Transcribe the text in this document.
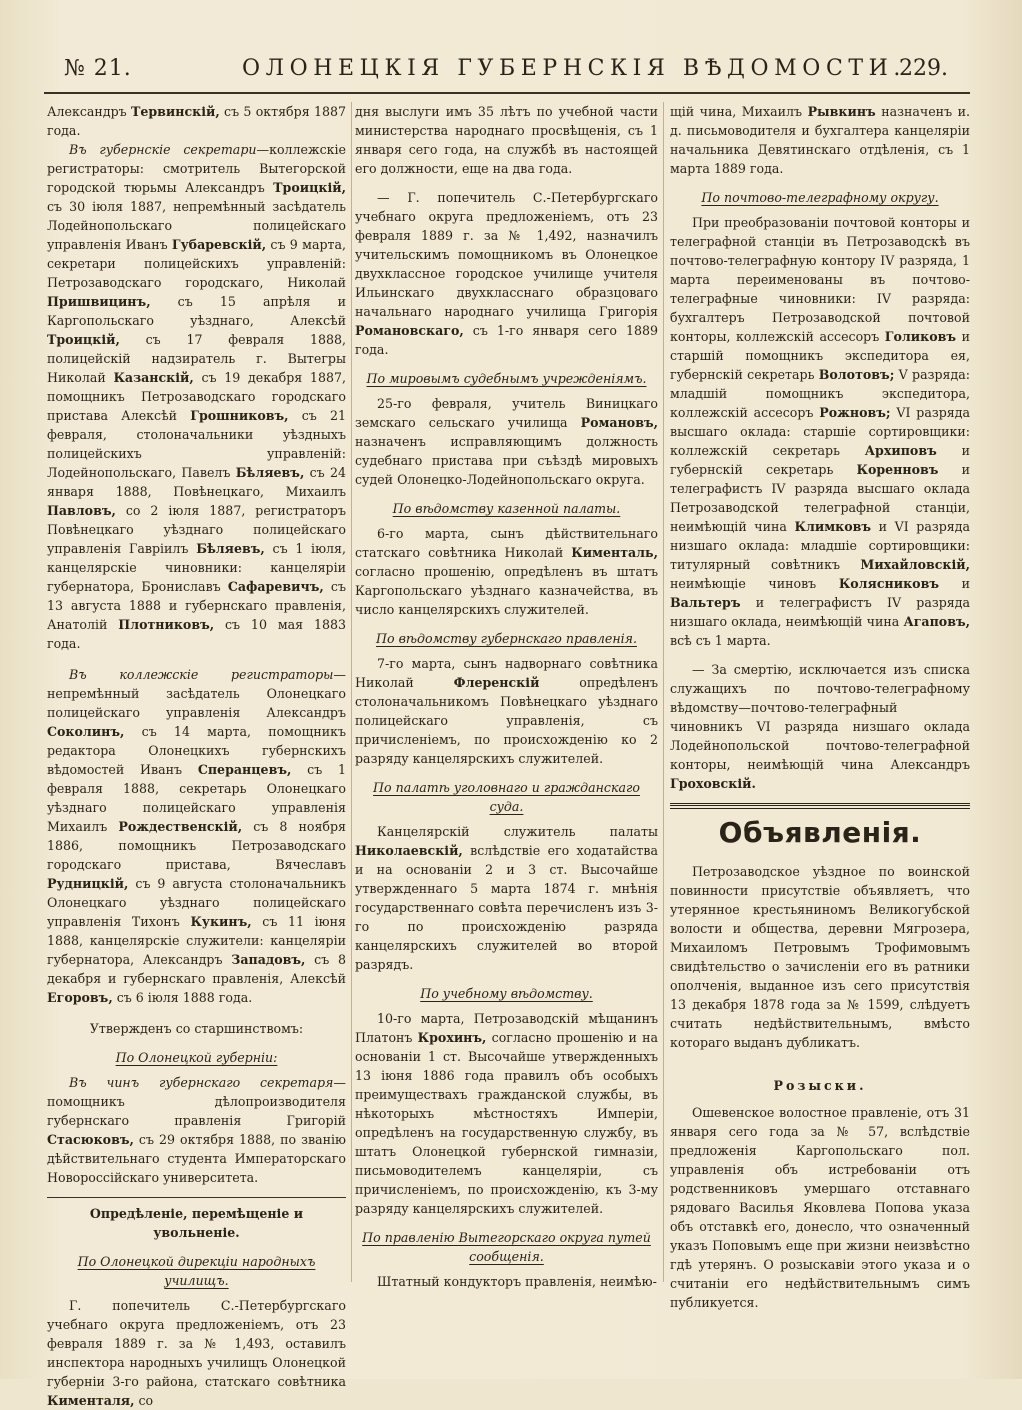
№ 21.	ОЛОНЕЦКІЯ ГУБЕРНСКІЯ ВѢДОМОСТИ.
229.

Александръ Тервинскій, съ 5 октября 1887 года.

Въ губернскіе секретари—коллежскіе регистраторы: смотритель Вытегорской городской тюрьмы Александръ Троицкій, съ 30 іюля 1887, непремѣнный засѣдатель Лодейнопольскаго полицейскаго управленія Иванъ Губаревскій, съ 9 марта, секретари полицейскихъ управленій: Петрозаводскаго городскаго, Николай Пришвицинъ, съ 15 апрѣля и Каргопольскаго уѣзднаго, Алексѣй Троицкій, съ 17 февраля 1888, полицейскій надзиратель г. Вытегры Николай Казанскій, съ 19 декабря 1887, помощникъ Петрозаводскаго городскаго пристава Алексѣй Грошниковъ, съ 21 февраля, столоначальники уѣздныхъ полицейскихъ управленій: Лодейнопольскаго, Павелъ Бѣляевъ, съ 24 января 1888, Повѣнецкаго, Михаилъ Павловъ, со 2 іюля 1887, регистраторъ Повѣнецкаго уѣзднаго полицейскаго управленія Гавріилъ Бѣляевъ, съ 1 іюля, канцелярскіе чиновники: канцеляріи губернатора, Брониславъ Сафаревичъ, съ 13 августа 1888 и губернскаго правленія, Анатолій Плотниковъ, съ 10 мая 1883 года.

Въ коллежскіе регистраторы—непремѣнный засѣдатель Олонецкаго полицейскаго управленія Александръ Соколинъ, съ 14 марта, помощникъ редактора Олонецкихъ губернскихъ вѣдомостей Иванъ Сперанцевъ, съ 1 февраля 1888, секретарь Олонецкаго уѣзднаго полицейскаго управленія Михаилъ Рождественскій, съ 8 ноября 1886, помощникъ Петрозаводскаго городскаго пристава, Вячеславъ Рудницкій, съ 9 августа столоначальникъ Олонецкаго уѣзднаго полицейскаго управленія Тихонъ Кукинъ, съ 11 іюня 1888, канцелярскіе служители: канцеляріи губернатора, Александръ Западовъ, съ 8 декабря и губернскаго правленія, Алексѣй Егоровъ, съ 6 іюля 1888 года.

Утвержденъ со старшинствомъ:

По Олонецкой губерніи:

Въ чинъ губернскаго секретаря—помощникъ дѣлопроизводителя губернскаго правленія Григорій Стасюковъ, съ 29 октября 1888, по званію дѣйствительнаго студента Императорскаго Новороссійскаго университета.

Опредѣленіе, перемѣщеніе и увольненіе.

По Олонецкой дирекціи народныхъ училищъ.

Г. попечитель С.-Петербургскаго учебнаго округа предложеніемъ, отъ 23 февраля 1889 г. за № 1,493, оставилъ инспектора народныхъ училищъ Олонецкой губерніи 3-го района, статскаго совѣтника Кименталя, со

дня выслуги имъ 35 лѣтъ по учебной части министерства народнаго просвѣщенія, съ 1 января сего года, на службѣ въ настоящей его должности, еще на два года.

— Г. попечитель С.-Петербургскаго учебнаго округа предложеніемъ, отъ 23 февраля 1889 г. за № 1,492, назначилъ учительскимъ помощникомъ въ Олонецкое двухклассное городское училище учителя Ильинскаго двухкласснаго образцоваго начальнаго народнаго училища Григорія Романовскаго, съ 1-го января сего 1889 года.

По мировымъ судебнымъ учрежденіямъ.

25-го февраля, учитель Виницкаго земскаго сельскаго училища Романовъ, назначенъ исправляющимъ должность судебнаго пристава при съѣздѣ мировыхъ судей Олонецко-Лодейнопольскаго округа.

По вѣдомству казенной палаты.

6-го марта, сынъ дѣйствительнаго статскаго совѣтника Николай Кименталь, согласно прошенію, опредѣленъ въ штатъ Каргопольскаго уѣзднаго казначейства, въ число канцелярскихъ служителей.

По вѣдомству губернскаго правленія.

7-го марта, сынъ надворнаго совѣтника Николай Флеренскій опредѣленъ столоначальникомъ Повѣнецкаго уѣзднаго полицейскаго управленія, съ причисленіемъ, по происхожденію ко 2 разряду канцелярскихъ служителей.

По палатѣ уголовнаго и гражданскаго суда.

Канцелярскій служитель палаты Николаевскій, вслѣдствіе его ходатайства и на основаніи 2 и 3 ст. Высочайше утвержденнаго 5 марта 1874 г. мнѣнія государственнаго совѣта перечисленъ изъ 3-го по происхожденію разряда канцелярскихъ служителей во второй разрядъ.

По учебному вѣдомству.

10-го марта, Петрозаводскій мѣщанинъ Платонъ Крохинъ, согласно прошенію и на основаніи 1 ст. Высочайше утвержденныхъ 13 іюня 1886 года правилъ объ особыхъ преимуществахъ гражданской службы, въ нѣкоторыхъ мѣстностяхъ Имперіи, опредѣленъ на государственную службу, въ штатъ Олонецкой губернской гимназіи, письмоводителемъ канцеляріи, съ причисленіемъ, по происхожденію, къ 3-му разряду канцелярскихъ служителей.

По правленію Вытегорскаго округа путей сообщенія.

Штатный кондукторъ правленія, неимѣю-

щій чина, Михаилъ Рывкинъ назначенъ и. д. письмоводителя и бухгалтера канцеляріи начальника Девятинскаго отдѣленія, съ 1 марта 1889 года.

По почтово-телеграфному округу.

При преобразованіи почтовой конторы и телеграфной станціи въ Петрозаводскѣ въ почтово-телеграфную контору IV разряда, 1 марта переименованы въ почтово-телеграфные чиновники: IV разряда: бухгалтеръ Петрозаводской почтовой конторы, коллежскій ассесоръ Голиковъ и старшій помощникъ экспедитора ея, губернскій секретарь Волотовъ; V разряда: младшій помощникъ экспедитора, коллежскій ассесоръ Рожновъ; VI разряда высшаго оклада: старшіе сортировщики: коллежскій секретарь Архиповъ и губернскій секретарь Коренновъ и телеграфистъ IV разряда высшаго оклада Петрозаводской телеграфной станціи, неимѣющій чина Климковъ и VI разряда низшаго оклада: младшіе сортировщики: титулярный совѣтникъ Михайловскій, неимѣющіе чиновъ Колясниковъ и Вальтеръ и телеграфистъ IV разряда низшаго оклада, неимѣющій чина Агаповъ, всѣ съ 1 марта.

— За смертію, исключается изъ списка служащихъ по почтово-телеграфному вѣдомству—почтово-телеграфный чиновникъ VI разряда низшаго оклада Лодейнопольской почтово-телеграфной конторы, неимѣющій чина Александръ Гроховскій.

Объявленія.

Петрозаводское уѣздное по воинской повинности присутствіе объявляетъ, что утерянное крестьяниномъ Великогубской волости и общества, деревни Мягрозера, Михаиломъ Петровымъ Трофимовымъ свидѣтельство о зачисленіи его въ ратники ополченія, выданное изъ сего присутствія 13 декабря 1878 года за № 1599, слѣдуетъ считать недѣйствительнымъ, вмѣсто котораго выданъ дубликатъ.

Розыски.

Ошевенское волостное правленіе, отъ 31 января сего года за № 57, вслѣдствіе предложенія Каргопольскаго пол. управленія объ истребованіи отъ родственниковъ умершаго отставнаго рядоваго Василья Яковлева Попова указа объ отставкѣ его, донесло, что означенный указъ Поповымъ еще при жизни неизвѣстно гдѣ утерянъ. О розыскавіи этого указа и о считаніи его недѣйствительнымъ симъ публикуется.
